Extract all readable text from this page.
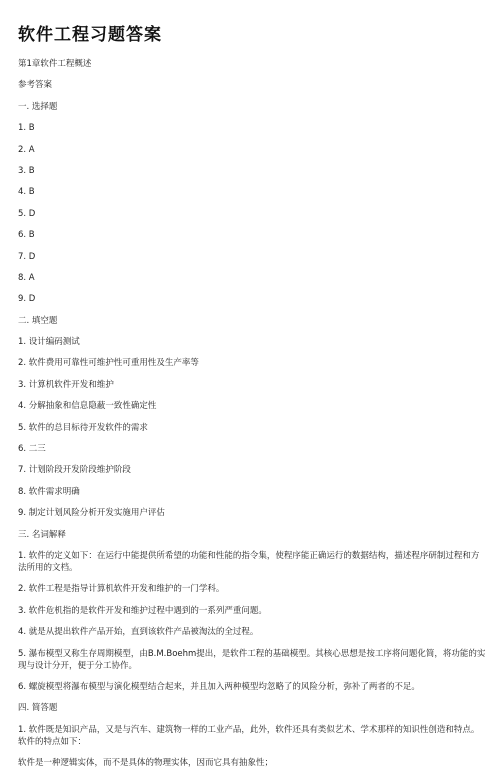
软件工程习题答案
第1章软件工程概述
参考答案
一. 选择题
1. B
2. A
3. B
4. B
5. D
6. B
7. D
8. A
9. D
二. 填空题
1. 设计编码测试
2. 软件费用可靠性可维护性可重用性及生产率等
3. 计算机软件开发和维护
4. 分解抽象和信息隐蔽一致性确定性
5. 软件的总目标待开发软件的需求
6. 二三
7. 计划阶段开发阶段维护阶段
8. 软件需求明确
9. 制定计划风险分析开发实施用户评估
三. 名词解释
1. 软件的定义如下：在运行中能提供所希望的功能和性能的指令集，使程序能正确运行的数据结构，描述程序研制过程和方法所用的文档。
2. 软件工程是指导计算机软件开发和维护的一门学科。
3. 软件危机指的是软件开发和维护过程中遇到的一系列严重问题。
4. 就是从提出软件产品开始，直到该软件产品被淘汰的全过程。
5. 瀑布模型又称生存周期模型，由B.M.Boehm提出，是软件工程的基础模型。其核心思想是按工序将问题化简，将功能的实现与设计分开，便于分工协作。
6. 螺旋模型将瀑布模型与演化模型结合起来，并且加入两种模型均忽略了的风险分析，弥补了两者的不足。
四. 简答题
1. 软件既是知识产品，又是与汽车、建筑物一样的工业产品，此外，软件还具有类似艺术、学术那样的知识性创造和特点。软件的特点如下：
软件是一种逻辑实体，而不是具体的物理实体，因而它具有抽象性；
